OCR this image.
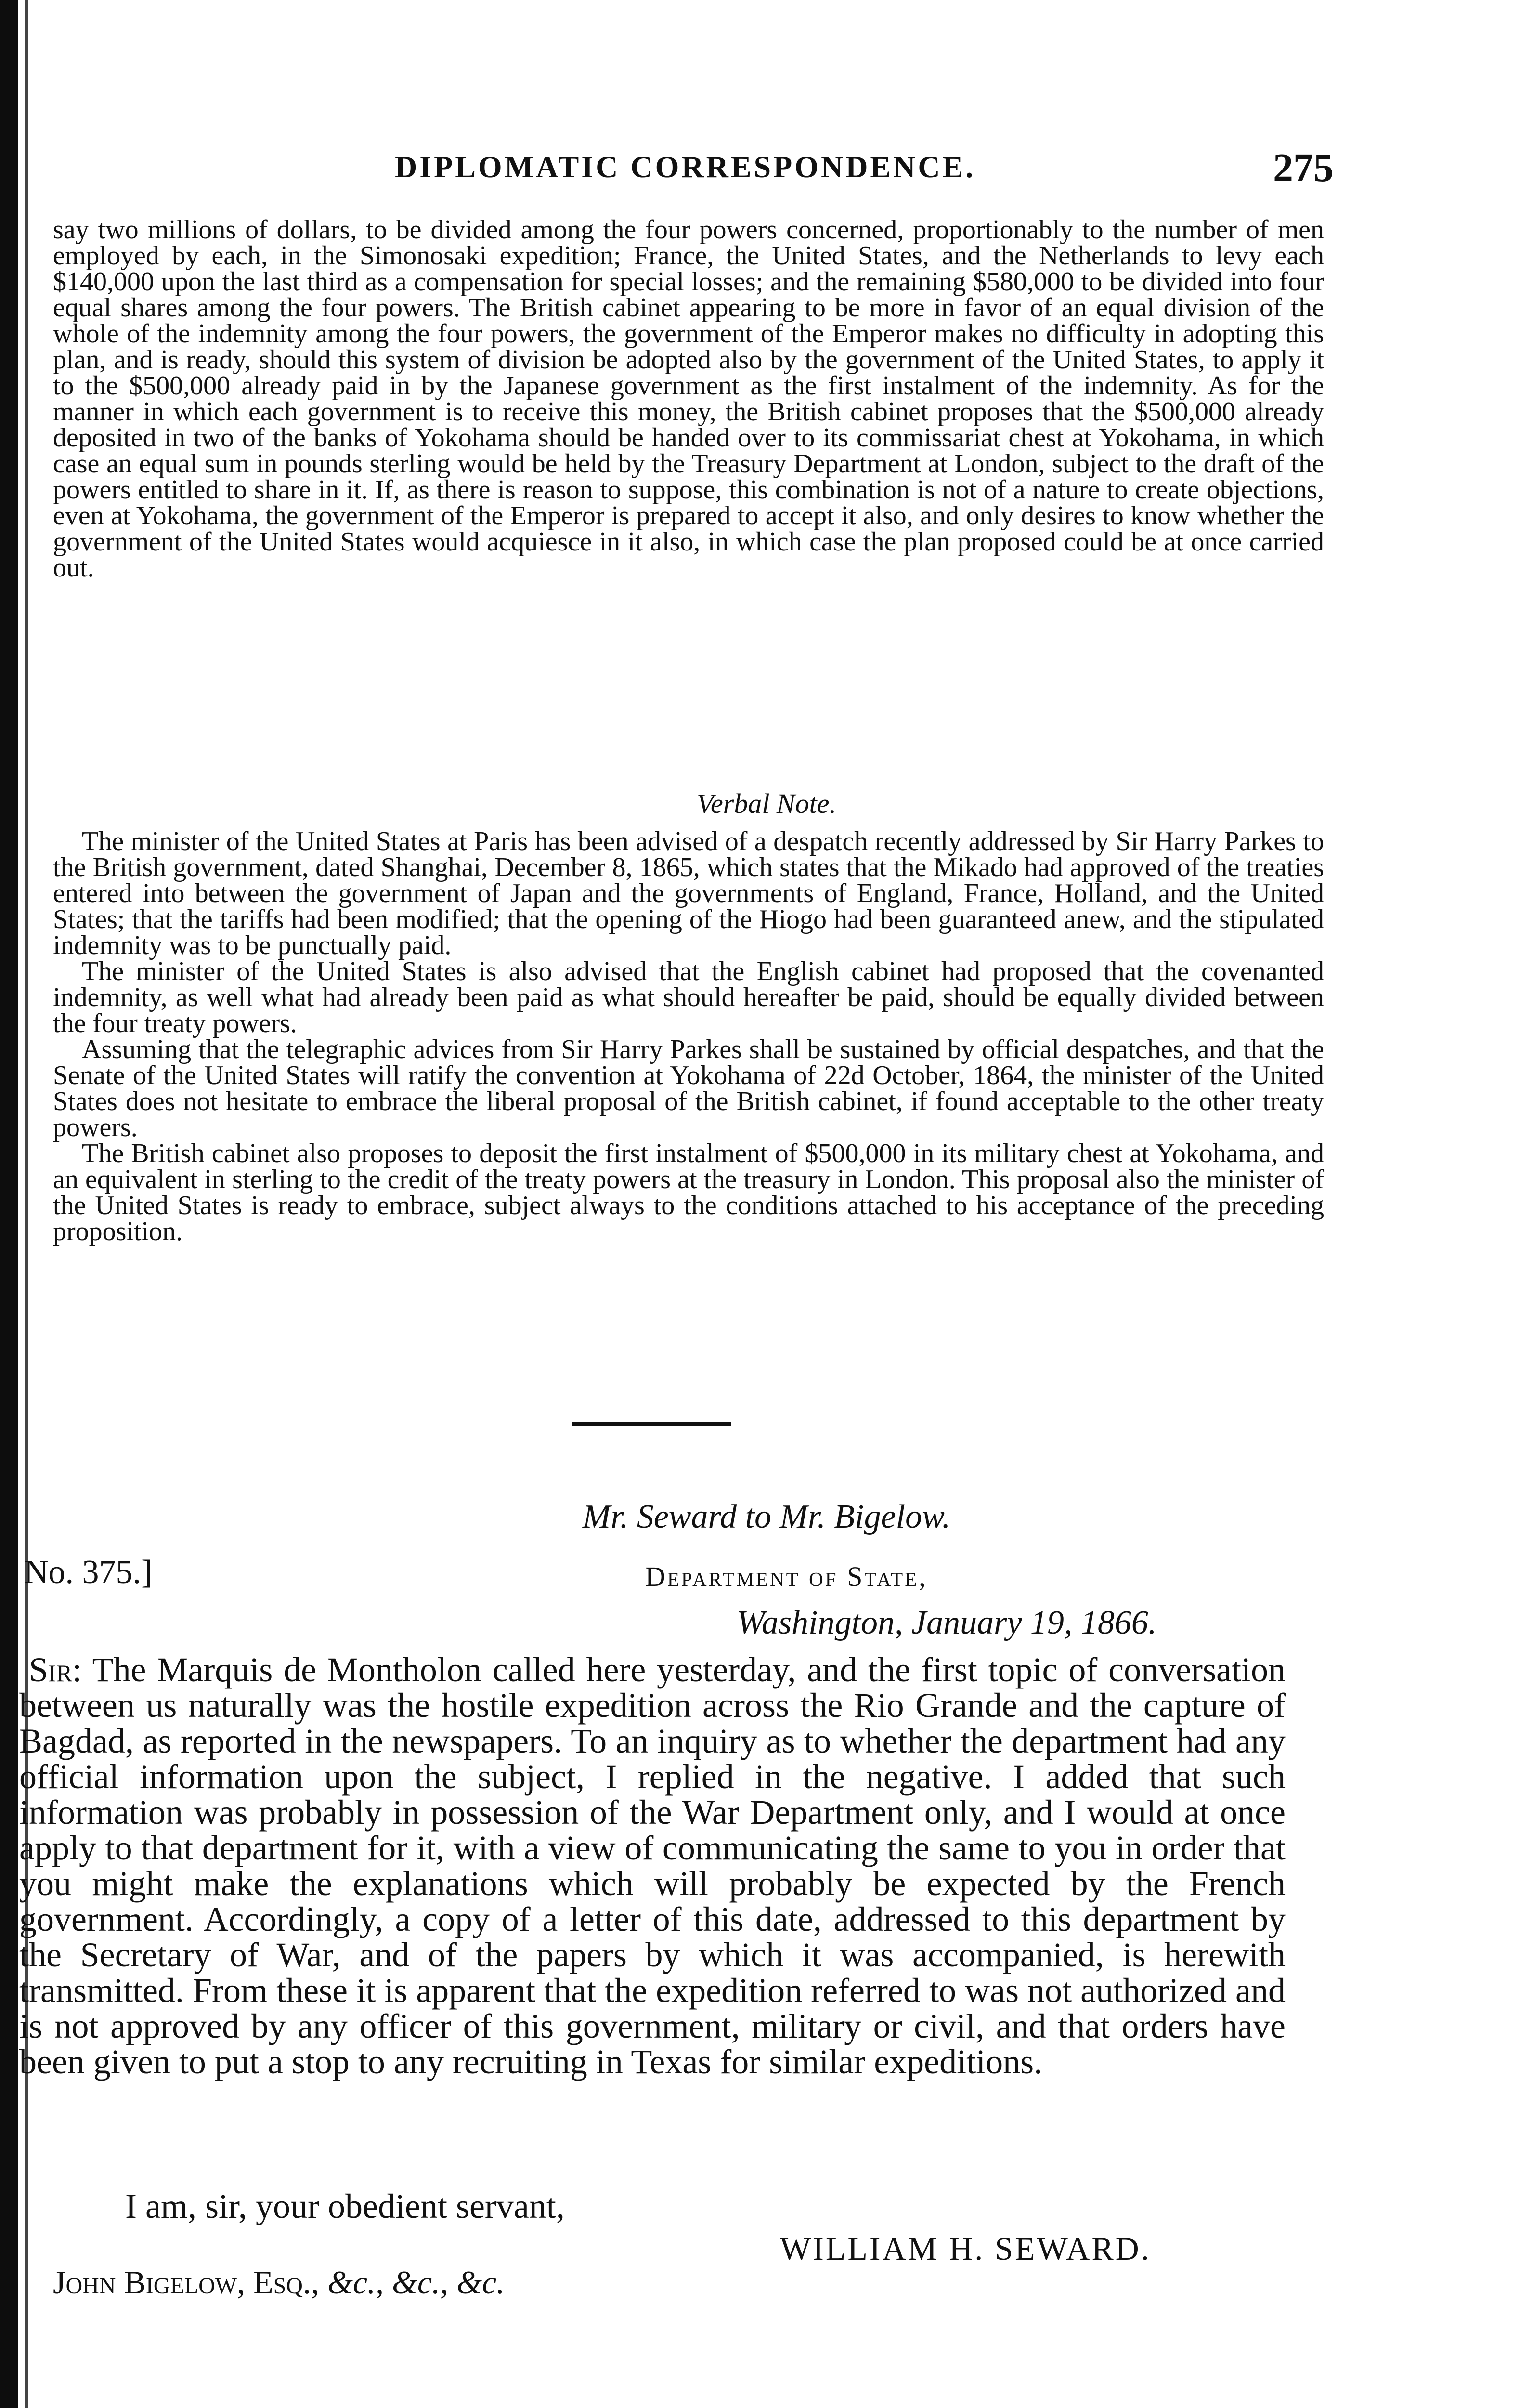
DIPLOMATIC CORRESPONDENCE.	275

say two millions of dollars, to be divided among the four powers concerned, proportionably to the number of men employed by each, in the Simonosaki expedition; France, the United States, and the Netherlands to levy each $140,000 upon the last third as a compensation for special losses; and the remaining $580,000 to be divided into four equal shares among the four powers. The British cabinet appearing to be more in favor of an equal division of the whole of the indemnity among the four powers, the government of the Emperor makes no difficulty in adopting this plan, and is ready, should this system of division be adopted also by the government of the United States, to apply it to the $500,000 already paid in by the Japanese government as the first instalment of the indemnity. As for the manner in which each government is to receive this money, the British cabinet proposes that the $500,000 already deposited in two of the banks of Yokohama should be handed over to its commissariat chest at Yokohama, in which case an equal sum in pounds sterling would be held by the Treasury Department at London, subject to the draft of the powers entitled to share in it. If, as there is reason to suppose, this combination is not of a nature to create objections, even at Yokohama, the government of the Emperor is prepared to accept it also, and only desires to know whether the government of the United States would acquiesce in it also, in which case the plan proposed could be at once carried out.

Verbal Note.

The minister of the United States at Paris has been advised of a despatch recently addressed by Sir Harry Parkes to the British government, dated Shanghai, December 8, 1865, which states that the Mikado had approved of the treaties entered into between the government of Japan and the governments of England, France, Holland, and the United States; that the tariffs had been modified; that the opening of the Hiogo had been guaranteed anew, and the stipulated indemnity was to be punctually paid.

The minister of the United States is also advised that the English cabinet had proposed that the covenanted indemnity, as well what had already been paid as what should hereafter be paid, should be equally divided between the four treaty powers.

Assuming that the telegraphic advices from Sir Harry Parkes shall be sustained by official despatches, and that the Senate of the United States will ratify the convention at Yokohama of 22d October, 1864, the minister of the United States does not hesitate to embrace the liberal proposal of the British cabinet, if found acceptable to the other treaty powers.

The British cabinet also proposes to deposit the first instalment of $500,000 in its military chest at Yokohama, and an equivalent in sterling to the credit of the treaty powers at the treasury in London. This proposal also the minister of the United States is ready to embrace, subject always to the conditions attached to his acceptance of the preceding proposition.

Mr. Seward to Mr. Bigelow.
No. 375.]	Department of State,
Washington, January 19, 1866.

Sir: The Marquis de Montholon called here yesterday, and the first topic of conversation between us naturally was the hostile expedition across the Rio Grande and the capture of Bagdad, as reported in the newspapers. To an inquiry as to whether the department had any official information upon the subject, I replied in the negative. I added that such information was probably in possession of the War Department only, and I would at once apply to that department for it, with a view of communicating the same to you in order that you might make the explanations which will probably be expected by the French government. Accordingly, a copy of a letter of this date, addressed to this department by the Secretary of War, and of the papers by which it was accompanied, is herewith transmitted. From these it is apparent that the expedition referred to was not authorized and is not approved by any officer of this government, military or civil, and that orders have been given to put a stop to any recruiting in Texas for similar expeditions.

I am, sir, your obedient servant,
WILLIAM H. SEWARD.
John Bigelow, Esq., &c., &c., &c.
